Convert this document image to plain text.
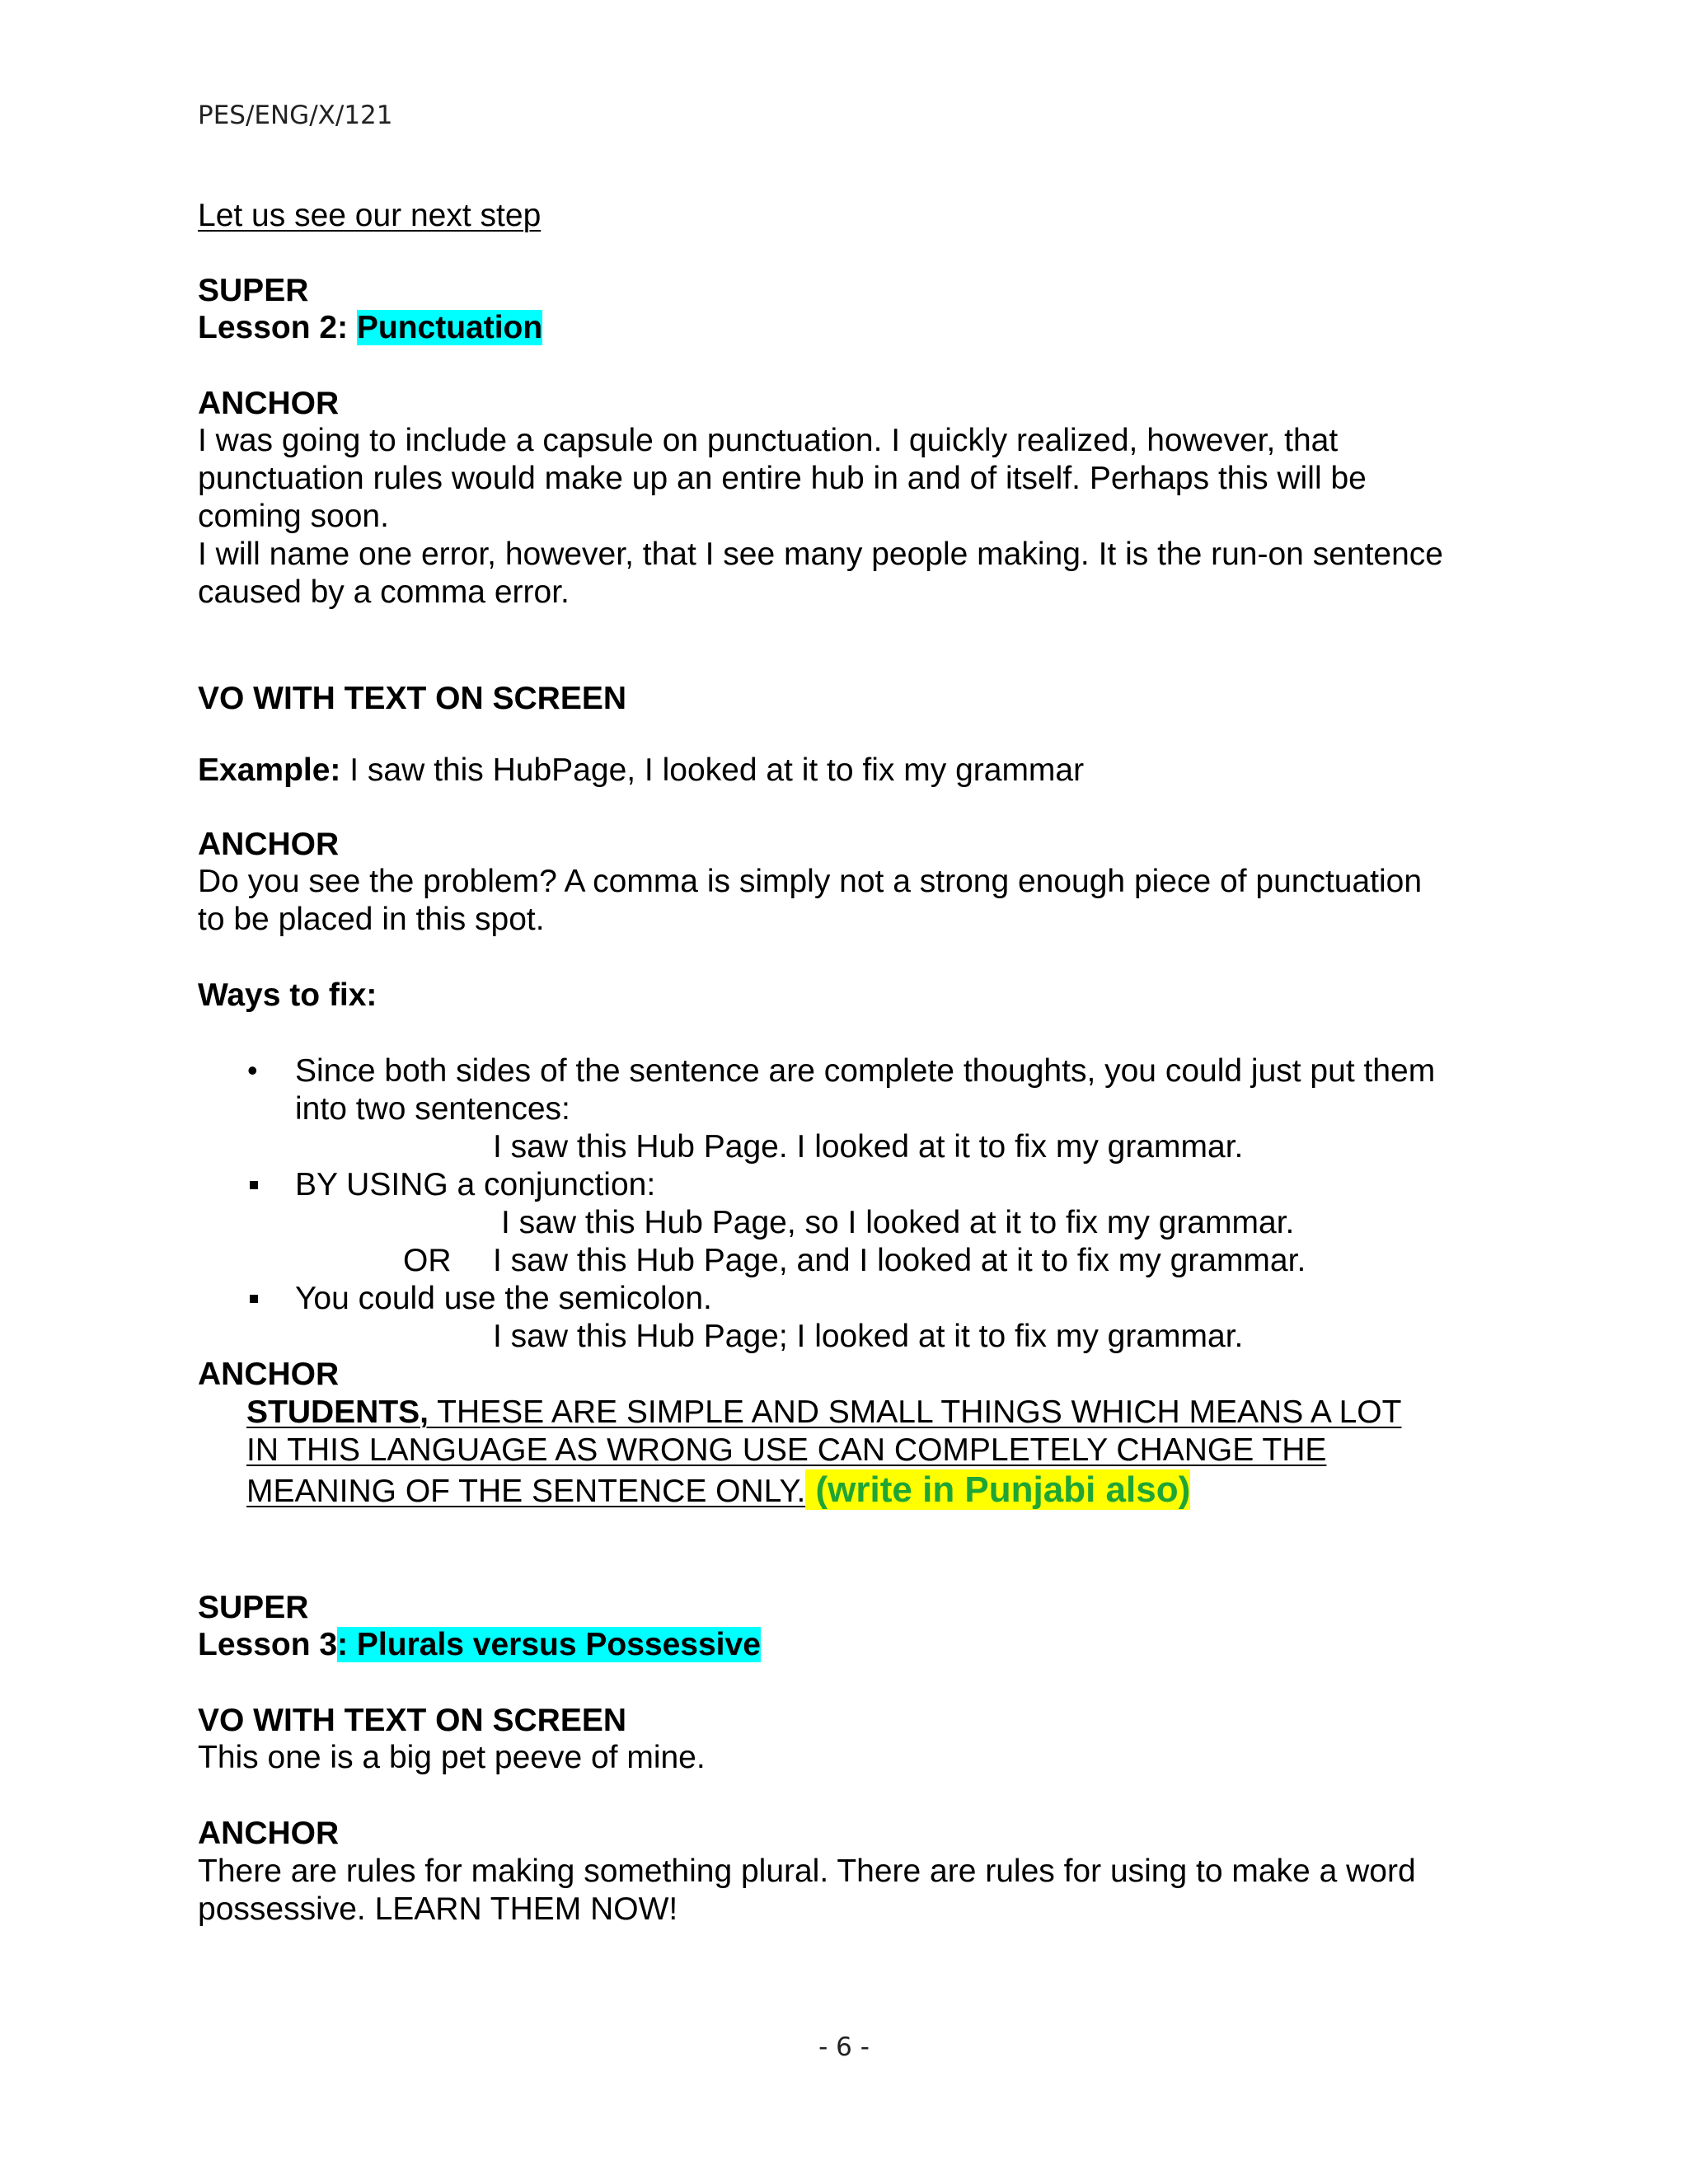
PES/ENG/X/121
Let us see our next step
SUPER
Lesson 2: Punctuation
ANCHOR
I was going to include a capsule on punctuation. I quickly realized, however, that
punctuation rules would make up an entire hub in and of itself. Perhaps this will be
coming soon.
I will name one error, however, that I see many people making. It is the run-on sentence
caused by a comma error.
VO WITH TEXT ON SCREEN
Example: I saw this HubPage, I looked at it to fix my grammar
ANCHOR
Do you see the problem? A comma is simply not a strong enough piece of punctuation
to be placed in this spot.
Ways to fix:
• Since both sides of the sentence are complete thoughts, you could just put them
into two sentences:
I saw this Hub Page. I looked at it to fix my grammar.
BY USING a conjunction:
I saw this Hub Page, so I looked at it to fix my grammar.
OR I saw this Hub Page, and I looked at it to fix my grammar.
You could use the semicolon.
I saw this Hub Page; I looked at it to fix my grammar.
ANCHOR
STUDENTS, THESE ARE SIMPLE AND SMALL THINGS WHICH MEANS A LOT
IN THIS LANGUAGE AS WRONG USE CAN COMPLETELY CHANGE THE
MEANING OF THE SENTENCE ONLY. (write in Punjabi also)
SUPER
Lesson 3: Plurals versus Possessive
VO WITH TEXT ON SCREEN
This one is a big pet peeve of mine.
ANCHOR
There are rules for making something plural. There are rules for using to make a word
possessive. LEARN THEM NOW!
- 6 -
